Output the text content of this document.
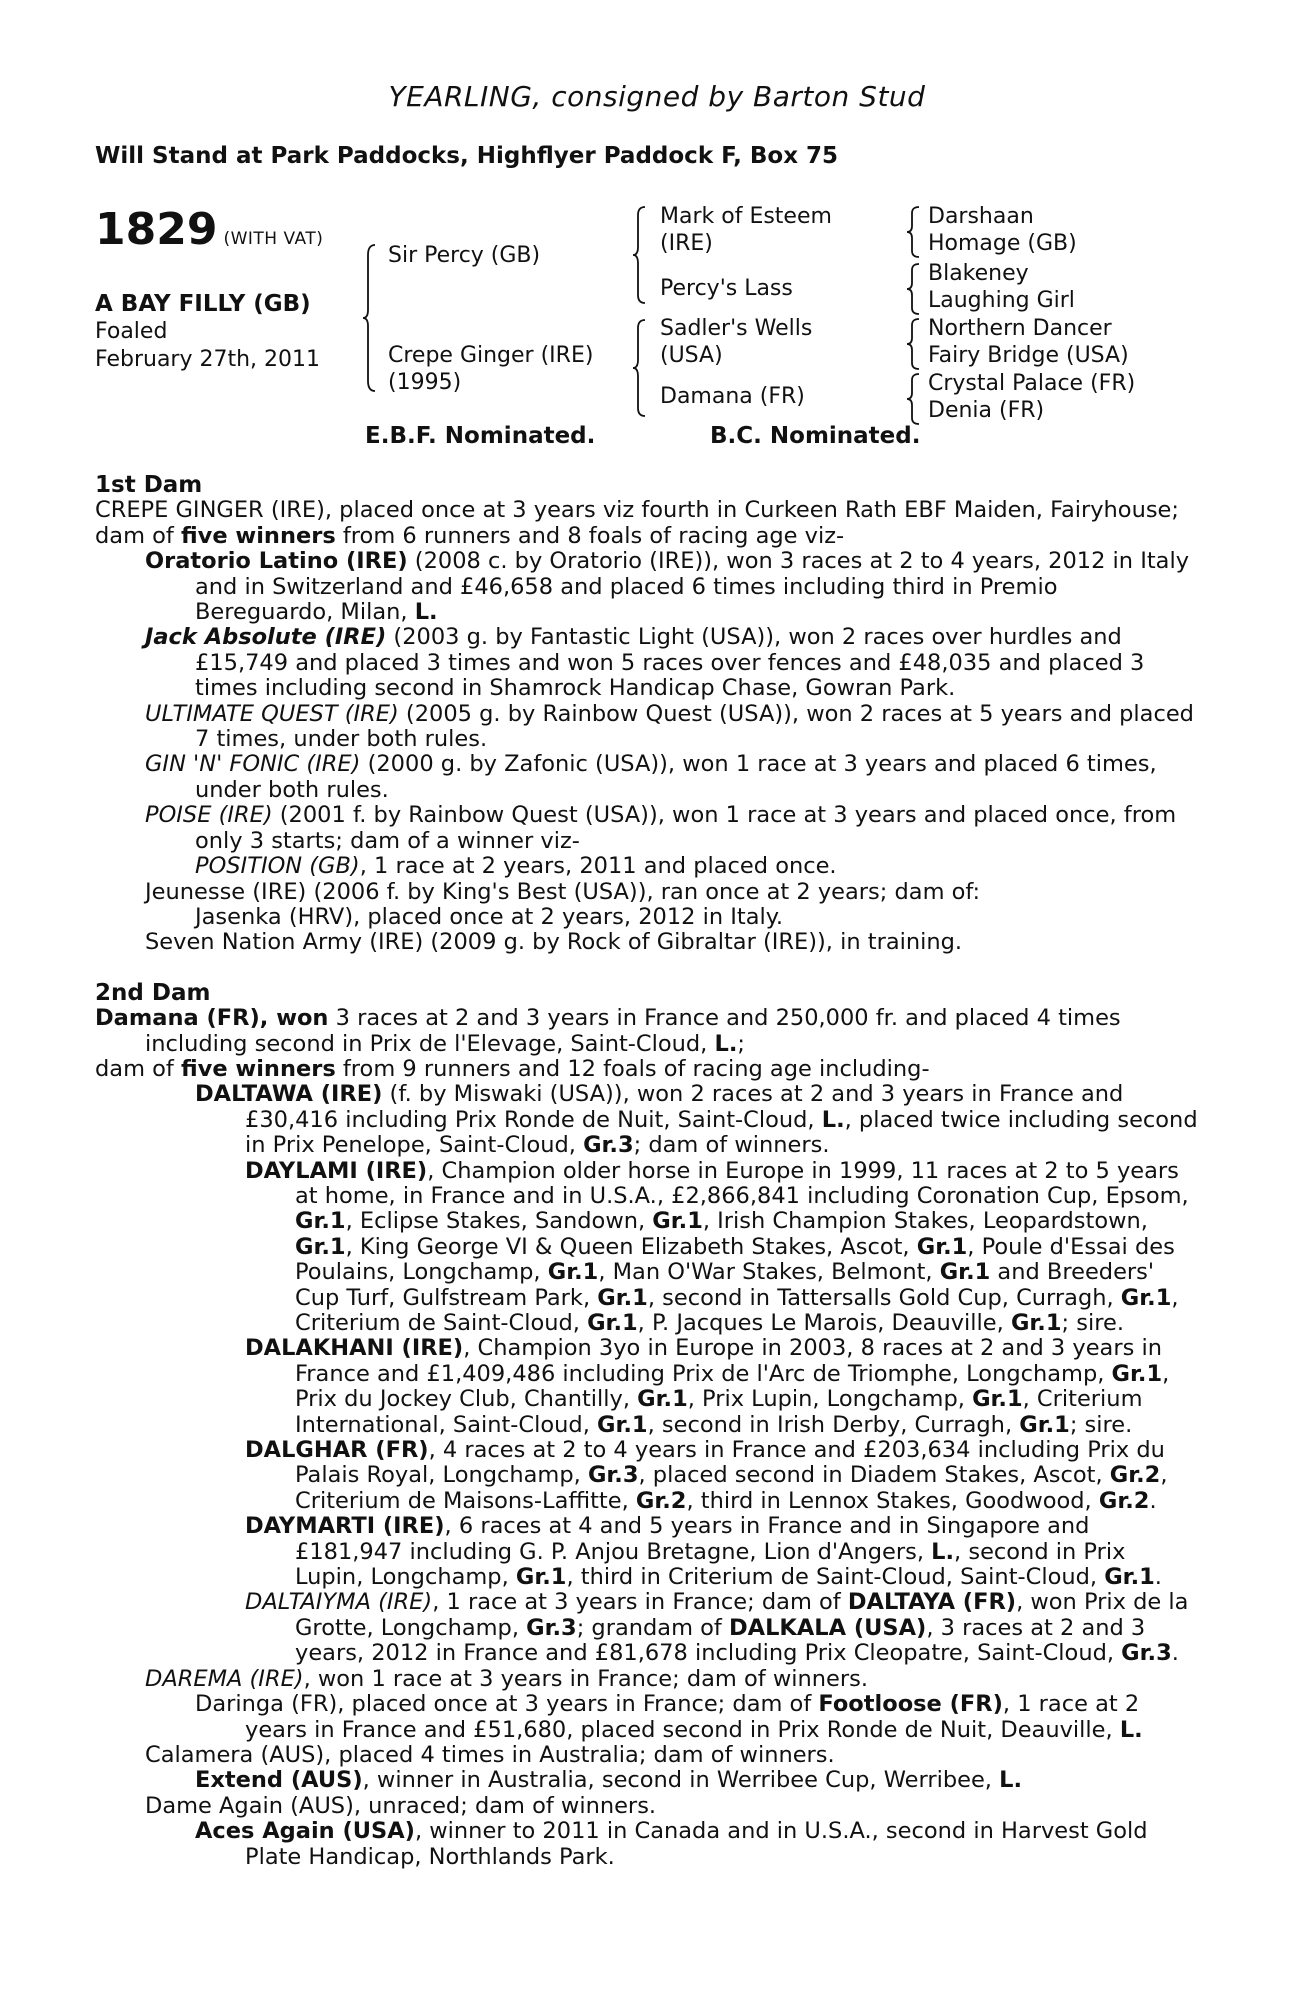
YEARLING, consigned by Barton Stud
Will Stand at Park Paddocks, Highflyer Paddock F, Box 75
1829 (WITH VAT)
A BAY FILLY (GB)
Foaled
February 27th, 2011
Sir Percy (GB)
Crepe Ginger (IRE)
(1995)
Mark of Esteem
(IRE)
Percy's Lass
Sadler's Wells
(USA)
Damana (FR)
Darshaan
Homage (GB)
Blakeney
Laughing Girl
Northern Dancer
Fairy Bridge (USA)
Crystal Palace (FR)
Denia (FR)
E.B.F. Nominated.	B.C. Nominated.

1st Dam

CREPE GINGER (IRE), placed once at 3 years viz fourth in Curkeen Rath EBF Maiden, Fairyhouse;

dam of five winners from 6 runners and 8 foals of racing age viz-

Oratorio Latino (IRE) (2008 c. by Oratorio (IRE)), won 3 races at 2 to 4 years, 2012 in Italy and in Switzerland and £46,658 and placed 6 times including third in Premio Bereguardo, Milan, L.

Jack Absolute (IRE) (2003 g. by Fantastic Light (USA)), won 2 races over hurdles and £15,749 and placed 3 times and won 5 races over fences and £48,035 and placed 3 times including second in Shamrock Handicap Chase, Gowran Park.

ULTIMATE QUEST (IRE) (2005 g. by Rainbow Quest (USA)), won 2 races at 5 years and placed 7 times, under both rules.

GIN 'N' FONIC (IRE) (2000 g. by Zafonic (USA)), won 1 race at 3 years and placed 6 times, under both rules.

POISE (IRE) (2001 f. by Rainbow Quest (USA)), won 1 race at 3 years and placed once, from only 3 starts; dam of a winner viz-

POSITION (GB), 1 race at 2 years, 2011 and placed once.

Jeunesse (IRE) (2006 f. by King's Best (USA)), ran once at 2 years; dam of:

Jasenka (HRV), placed once at 2 years, 2012 in Italy.

Seven Nation Army (IRE) (2009 g. by Rock of Gibraltar (IRE)), in training.

2nd Dam

Damana (FR), won 3 races at 2 and 3 years in France and 250,000 fr. and placed 4 times including second in Prix de l'Elevage, Saint-Cloud, L.;

dam of five winners from 9 runners and 12 foals of racing age including-

DALTAWA (IRE) (f. by Miswaki (USA)), won 2 races at 2 and 3 years in France and £30,416 including Prix Ronde de Nuit, Saint-Cloud, L., placed twice including second in Prix Penelope, Saint-Cloud, Gr.3; dam of winners.

DAYLAMI (IRE), Champion older horse in Europe in 1999, 11 races at 2 to 5 years at home, in France and in U.S.A., £2,866,841 including Coronation Cup, Epsom, Gr.1, Eclipse Stakes, Sandown, Gr.1, Irish Champion Stakes, Leopardstown, Gr.1, King George VI & Queen Elizabeth Stakes, Ascot, Gr.1, Poule d'Essai des Poulains, Longchamp, Gr.1, Man O'War Stakes, Belmont, Gr.1 and Breeders' Cup Turf, Gulfstream Park, Gr.1, second in Tattersalls Gold Cup, Curragh, Gr.1, Criterium de Saint-Cloud, Gr.1, P. Jacques Le Marois, Deauville, Gr.1; sire.

DALAKHANI (IRE), Champion 3yo in Europe in 2003, 8 races at 2 and 3 years in France and £1,409,486 including Prix de l'Arc de Triomphe, Longchamp, Gr.1, Prix du Jockey Club, Chantilly, Gr.1, Prix Lupin, Longchamp, Gr.1, Criterium International, Saint-Cloud, Gr.1, second in Irish Derby, Curragh, Gr.1; sire.

DALGHAR (FR), 4 races at 2 to 4 years in France and £203,634 including Prix du Palais Royal, Longchamp, Gr.3, placed second in Diadem Stakes, Ascot, Gr.2, Criterium de Maisons-Laffitte, Gr.2, third in Lennox Stakes, Goodwood, Gr.2.

DAYMARTI (IRE), 6 races at 4 and 5 years in France and in Singapore and £181,947 including G. P. Anjou Bretagne, Lion d'Angers, L., second in Prix Lupin, Longchamp, Gr.1, third in Criterium de Saint-Cloud, Saint-Cloud, Gr.1.

DALTAIYMA (IRE), 1 race at 3 years in France; dam of DALTAYA (FR), won Prix de la Grotte, Longchamp, Gr.3; grandam of DALKALA (USA), 3 races at 2 and 3 years, 2012 in France and £81,678 including Prix Cleopatre, Saint-Cloud, Gr.3.

DAREMA (IRE), won 1 race at 3 years in France; dam of winners.

Daringa (FR), placed once at 3 years in France; dam of Footloose (FR), 1 race at 2 years in France and £51,680, placed second in Prix Ronde de Nuit, Deauville, L.

Calamera (AUS), placed 4 times in Australia; dam of winners.

Extend (AUS), winner in Australia, second in Werribee Cup, Werribee, L.

Dame Again (AUS), unraced; dam of winners.

Aces Again (USA), winner to 2011 in Canada and in U.S.A., second in Harvest Gold Plate Handicap, Northlands Park.
